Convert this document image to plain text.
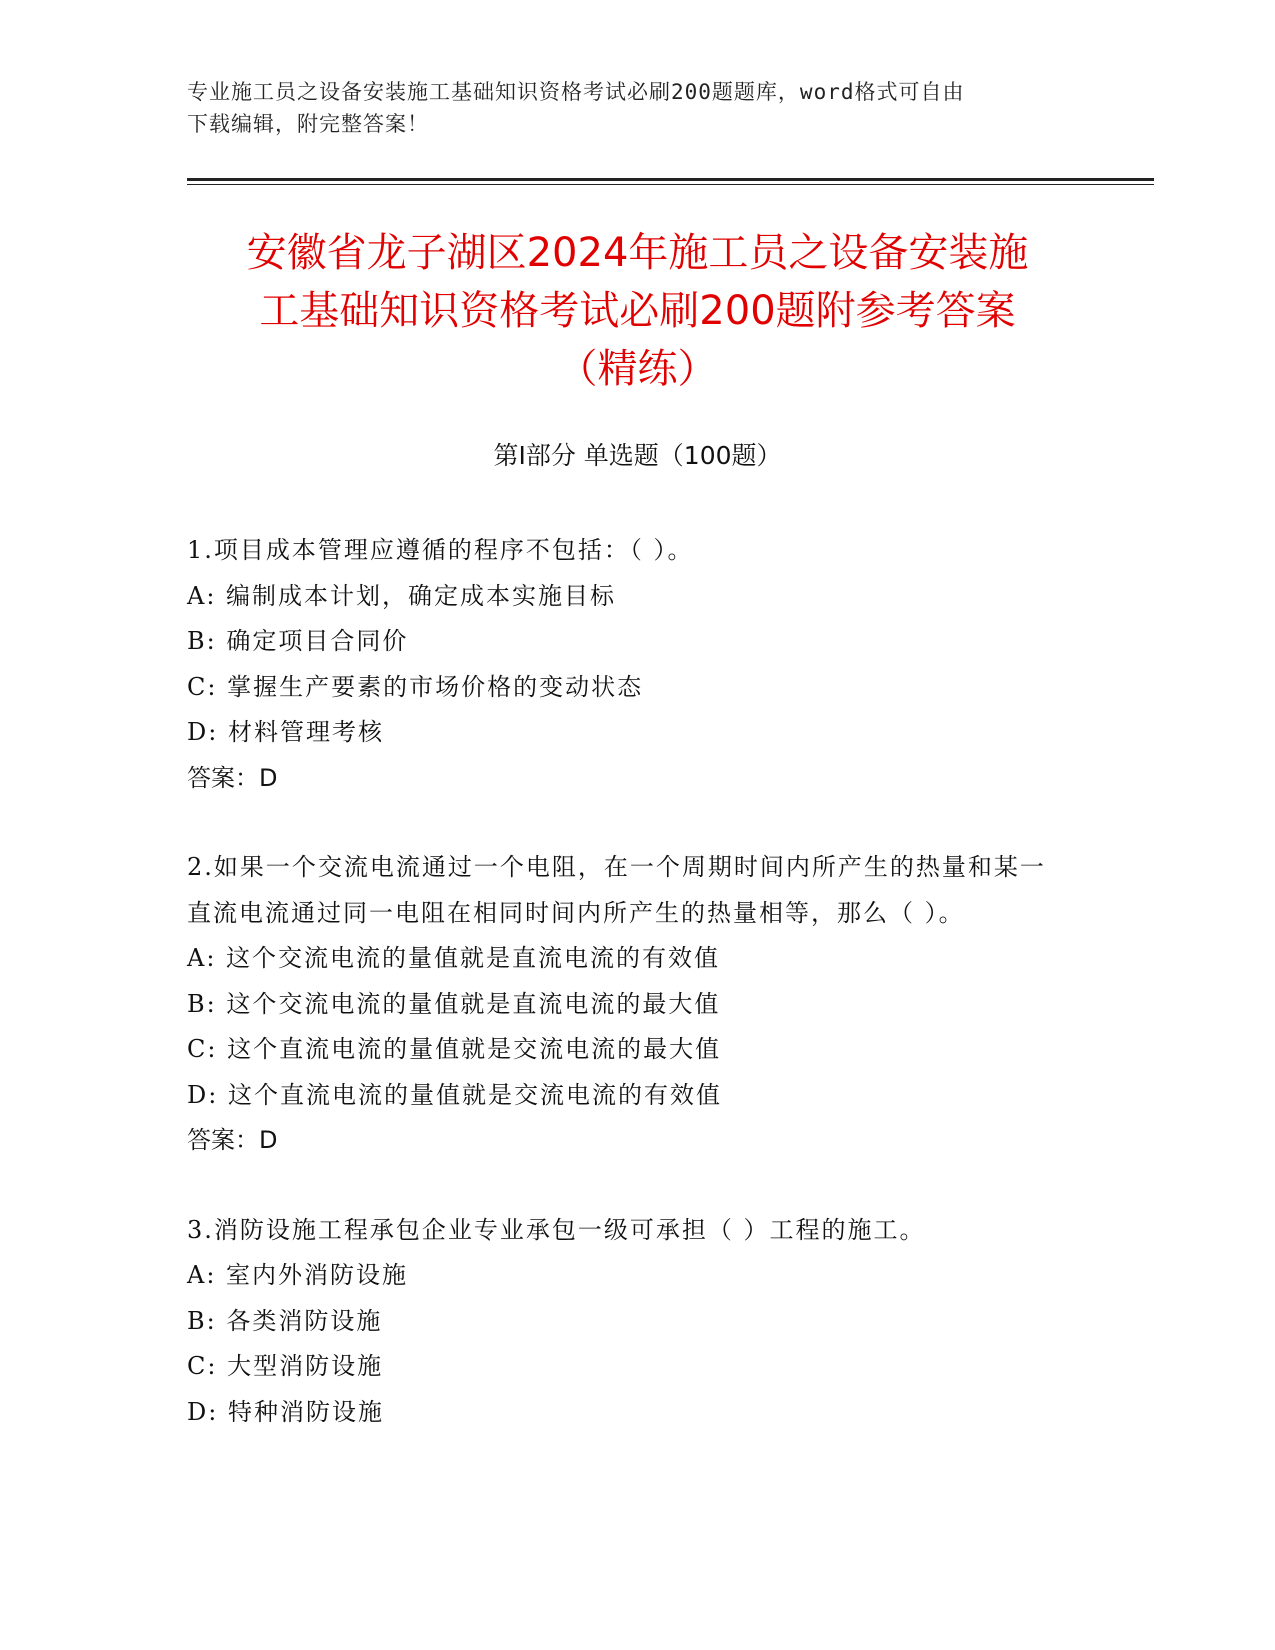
专业施工员之设备安装施工基础知识资格考试必刷200题题库，word格式可自由
下载编辑，附完整答案！
安徽省龙子湖区2024年施工员之设备安装施
工基础知识资格考试必刷200题附参考答案
（精练）
第Ⅰ部分 单选题（100题）
1.项目成本管理应遵循的程序不包括：（ ）。
A: 编制成本计划，确定成本实施目标
B: 确定项目合同价
C: 掌握生产要素的市场价格的变动状态
D: 材料管理考核
答案：D
2.如果一个交流电流通过一个电阻，在一个周期时间内所产生的热量和某一直流电流通过同一电阻在相同时间内所产生的热量相等，那么（ ）。
A: 这个交流电流的量值就是直流电流的有效值
B: 这个交流电流的量值就是直流电流的最大值
C: 这个直流电流的量值就是交流电流的最大值
D: 这个直流电流的量值就是交流电流的有效值
答案：D
3.消防设施工程承包企业专业承包一级可承担（ ）工程的施工。
A: 室内外消防设施
B: 各类消防设施
C: 大型消防设施
D: 特种消防设施
